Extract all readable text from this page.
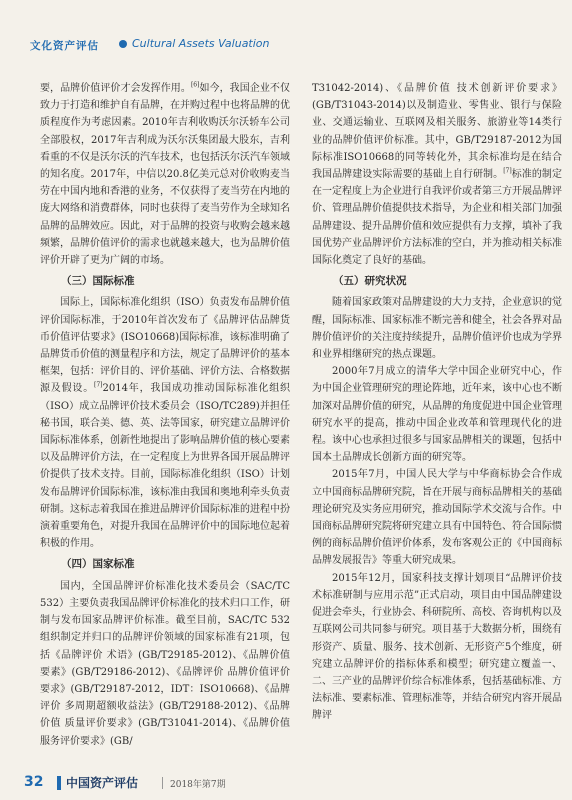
文化资产评估	Cultural Assets Valuation

要，品牌价值评价才会发挥作用。[6]如今，我国企业不仅致力于打造和维护自有品牌，在并购过程中也将品牌的优质程度作为考虑因素。2010年吉利收购沃尔沃轿车公司全部股权，2017年吉利成为沃尔沃集团最大股东，吉利看重的不仅是沃尔沃的汽车技术，也包括沃尔沃汽车领域的知名度。2017年，中信以20.8亿美元总对价收购麦当劳在中国内地和香港的业务，不仅获得了麦当劳在内地的庞大网络和消费群体，同时也获得了麦当劳作为全球知名品牌的品牌效应。因此，对于品牌的投资与收购会越来越频繁，品牌价值评价的需求也就越来越大，也为品牌价值评价开辟了更为广阔的市场。

（三）国际标准

国际上，国际标准化组织（ISO）负责发布品牌价值评价国际标准，于2010年首次发布了《品牌评估品牌货币价值评估要求》(ISO10668)国际标准，该标准明确了品牌货币价值的测量程序和方法，规定了品牌评价的基本框架，包括：评价目的、评价基础、评价方法、合格数据源及假设。[7]2014年，我国成功推动国际标准化组织（ISO）成立品牌评价技术委员会（ISO/TC289)并担任秘书国，联合美、德、英、法等国家，研究建立品牌评价国际标准体系，创新性地提出了影响品牌价值的核心要素以及品牌评价方法，在一定程度上为世界各国开展品牌评价提供了技术支持。目前，国际标准化组织（ISO）计划发布品牌评价国际标准，该标准由我国和奥地利牵头负责研制。这标志着我国在推进品牌评价国际标准的进程中扮演着重要角色，对提升我国在品牌评价中的国际地位起着积极的作用。

（四）国家标准

国内，全国品牌评价标准化技术委员会（SAC/TC 532）主要负责我国品牌评价标准化的技术归口工作，研制与发布国家品牌评价标准。截至目前，SAC/TC 532组织制定并归口的品牌评价领域的国家标准有21项，包括《品牌评价 术语》(GB/T29185-2012)、《品牌价值 要素》(GB/T29186-2012)、《品牌评价 品牌价值评价要求》(GB/T29187-2012，IDT：ISO10668)、《品牌评价 多周期超额收益法》(GB/T29188-2012)、《品牌价值 质量评价要求》(GB/T31041-2014)、《品牌价值 服务评价要求》(GB/

T31042-2014)、《品牌价值 技术创新评价要求》(GB/T31043-2014)以及制造业、零售业、银行与保险业、交通运输业、互联网及相关服务、旅游业等14类行业的品牌价值评价标准。其中，GB/T29187-2012为国际标准ISO10668的同等转化外，其余标准均是在结合我国品牌建设实际需要的基础上自行研制。[7]标准的制定在一定程度上为企业进行自我评价或者第三方开展品牌评价、管理品牌价值提供技术指导，为企业和相关部门加强品牌建设、提升品牌价值和效应提供有力支撑，填补了我国优势产业品牌评价方法标准的空白，并为推动相关标准国际化奠定了良好的基础。

（五）研究状况

随着国家政策对品牌建设的大力支持，企业意识的觉醒，国际标准、国家标准不断完善和健全，社会各界对品牌价值评价的关注度持续提升，品牌价值评价也成为学界和业界相继研究的热点课题。

2000年7月成立的清华大学中国企业研究中心，作为中国企业管理研究的理论阵地，近年来，该中心也不断加深对品牌价值的研究，从品牌的角度促进中国企业管理研究水平的提高，推动中国企业改革和管理现代化的进程。该中心也承担过很多与国家品牌相关的课题，包括中国本土品牌成长创新方面的研究等。

2015年7月，中国人民大学与中华商标协会合作成立中国商标品牌研究院，旨在开展与商标品牌相关的基础理论研究及实务应用研究，推动国际学术交流与合作。中国商标品牌研究院将研究建立具有中国特色、符合国际惯例的商标品牌价值评价体系，发布客观公正的《中国商标品牌发展报告》等重大研究成果。

2015年12月，国家科技支撑计划项目“品牌评价技术标准研制与应用示范”正式启动，项目由中国品牌建设促进会牵头，行业协会、科研院所、高校、咨询机构以及互联网公司共同参与研究。项目基于大数据分析，围绕有形资产、质量、服务、技术创新、无形资产5个维度，研究建立品牌评价的指标体系和模型；研究建立覆盖一、二、三产业的品牌评价综合标准体系，包括基础标准、方法标准、要素标准、管理标准等，并结合研究内容开展品牌评

32 中国资产评估	2018年第7期
